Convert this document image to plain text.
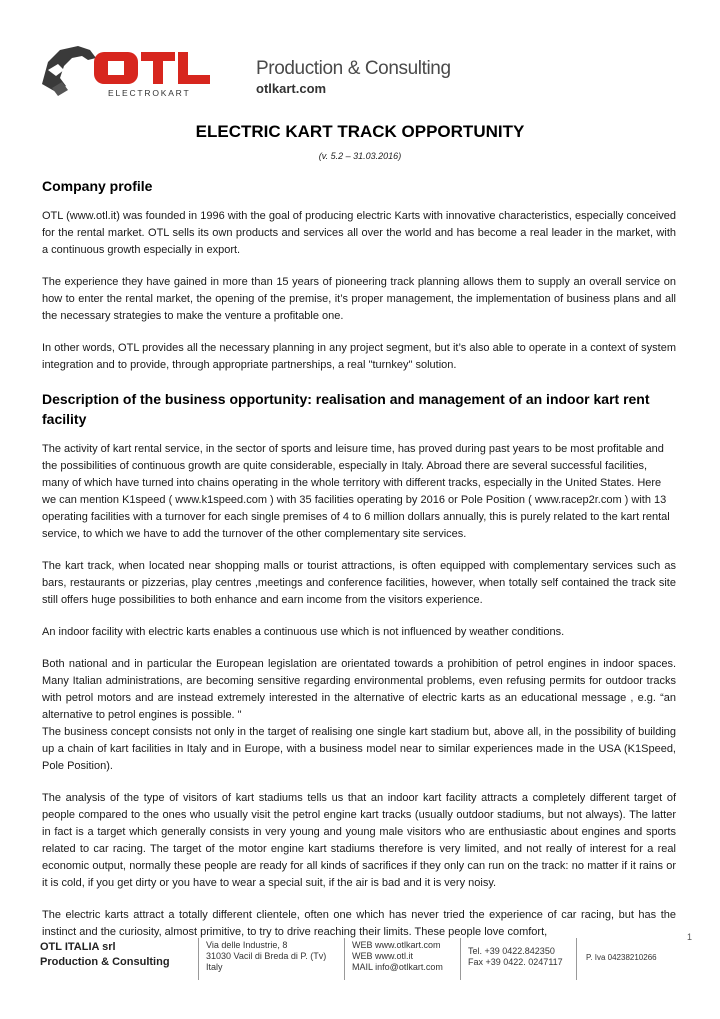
ELECTROKART
Production & Consulting
otlkart.com
ELECTRIC KART TRACK OPPORTUNITY
(v. 5.2 – 31.03.2016)
Company profile

OTL (www.otl.it) was founded in 1996 with the goal of producing electric Karts with innovative characteristics, especially conceived for the rental market. OTL sells its own products and services all over the world and has become a real leader in the market, with a continuous growth especially in export.

The experience they have gained in more than 15 years of pioneering track planning allows them to supply an overall service on how to enter the rental market, the opening of the premise, it’s proper management, the implementation of business plans and all the necessary strategies to make the venture a profitable one.

In other words, OTL provides all the necessary planning in any project segment, but it’s also able to operate in a context of system integration and to provide, through appropriate partnerships, a real "turnkey" solution.

Description of the business opportunity: realisation and management of an indoor kart rent facility

The activity of kart rental service, in the sector of sports and leisure time, has proved during past years to be most profitable and the possibilities of continuous growth are quite considerable, especially in Italy. Abroad there are several successful facilities, many of which have turned into chains operating in the whole territory with different tracks, especially in the United States. Here we can mention K1speed ( www.k1speed.com ) with 35 facilities operating by 2016 or Pole Position ( www.racep2r.com ) with 13 operating facilities with a turnover for each single premises of 4 to 6 million dollars annually, this is purely related to the kart rental service, to which we have to add the turnover of the other complementary site services.

The kart track, when located near shopping malls or tourist attractions, is often equipped with complementary services such as bars, restaurants or pizzerias, play centres ,meetings and conference facilities, however, when totally self contained the track site still offers huge possibilities to both enhance and earn income from the visitors experience.

An indoor facility with electric karts enables a continuous use which is not influenced by weather conditions.

Both national and in particular the European legislation are orientated towards a prohibition of petrol engines in indoor spaces. Many Italian administrations, are becoming sensitive regarding environmental problems, even refusing permits for outdoor tracks with petrol motors and are instead extremely interested in the alternative of electric karts as an educational message , e.g. “an alternative to petrol engines is possible. "

The business concept consists not only in the target of realising one single kart stadium but, above all, in the possibility of building up a chain of kart facilities in Italy and in Europe, with a business model near to similar experiences made in the USA (K1Speed, Pole Position).

The analysis of the type of visitors of kart stadiums tells us that an indoor kart facility attracts a completely different target of people compared to the ones who usually visit the petrol engine kart tracks (usually outdoor stadiums, but not always). The latter in fact is a target which generally consists in very young and young male visitors who are enthusiastic about engines and sports related to car racing. The target of the motor engine kart stadiums therefore is very limited, and not really of interest for a real economic output, normally these people are ready for all kinds of sacrifices if they only can run on the track: no matter if it rains or it is cold, if you get dirty or you have to wear a special suit, if the air is bad and it is very noisy.

The electric karts attract a totally different clientele, often one which has never tried the experience of car racing, but has the instinct and the curiosity, almost primitive, to try to drive reaching their limits. These people love comfort,	1
OTL ITALIA srl
Production & Consulting
Via delle Industrie, 8
31030 Vacil di Breda di P. (Tv)
Italy
WEB www.otlkart.com
WEB www.otl.it
MAIL info@otlkart.com
Tel. +39 0422.842350
Fax +39 0422. 0247117	P. Iva 04238210266
